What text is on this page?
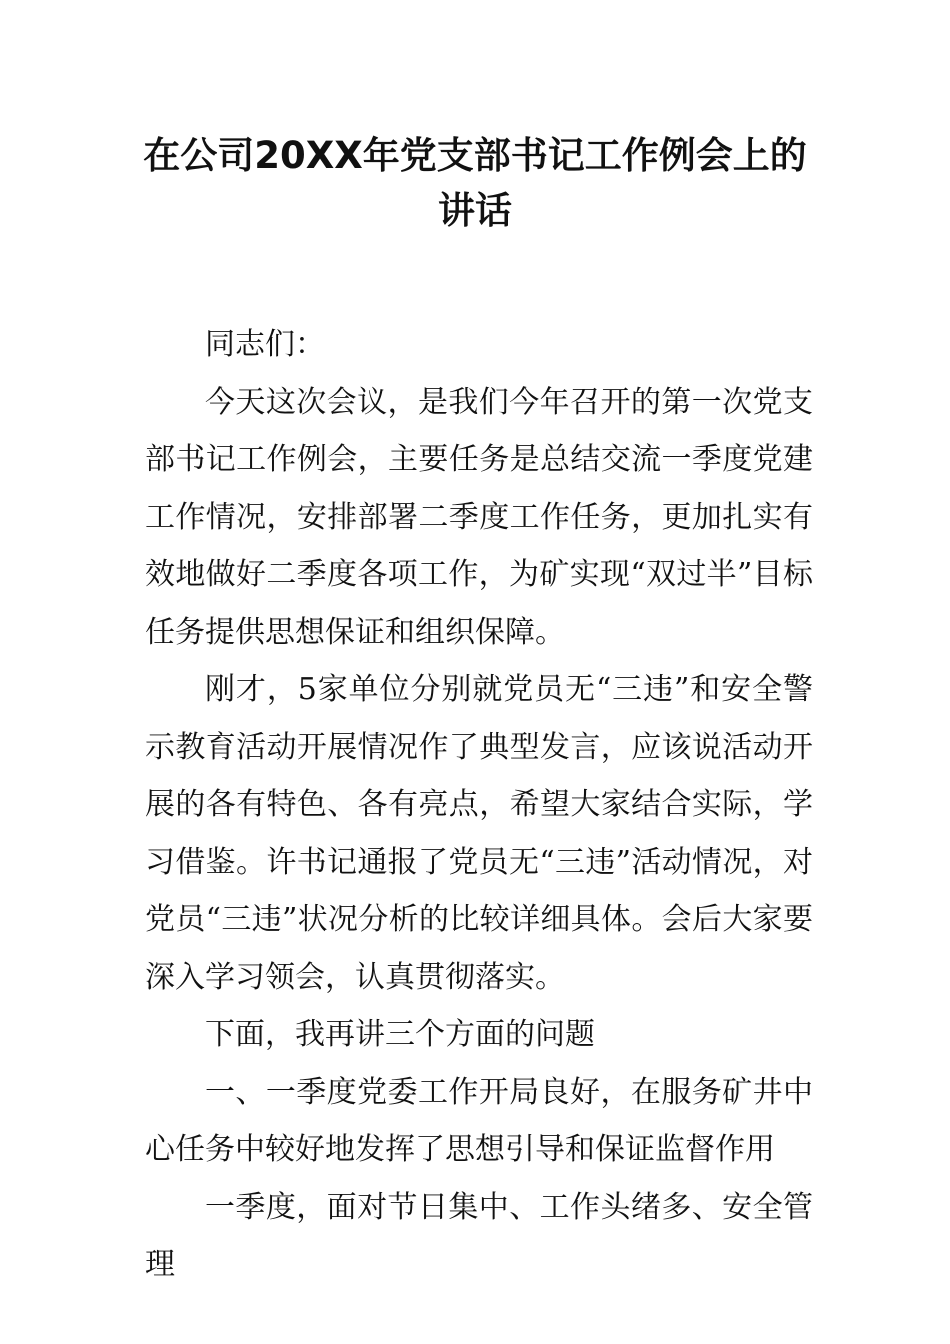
在公司20XX年党支部书记工作例会上的讲话

同志们：

今天这次会议，是我们今年召开的第一次党支部书记工作例会，主要任务是总结交流一季度党建工作情况，安排部署二季度工作任务，更加扎实有效地做好二季度各项工作，为矿实现“双过半”目标任务提供思想保证和组织保障。

刚才，5家单位分别就党员无“三违”和安全警示教育活动开展情况作了典型发言，应该说活动开展的各有特色、各有亮点，希望大家结合实际，学习借鉴。许书记通报了党员无“三违”活动情况，对党员“三违”状况分析的比较详细具体。会后大家要深入学习领会，认真贯彻落实。

下面，我再讲三个方面的问题

一、一季度党委工作开局良好，在服务矿井中心任务中较好地发挥了思想引导和保证监督作用

一季度，面对节日集中、工作头绪多、安全管理
